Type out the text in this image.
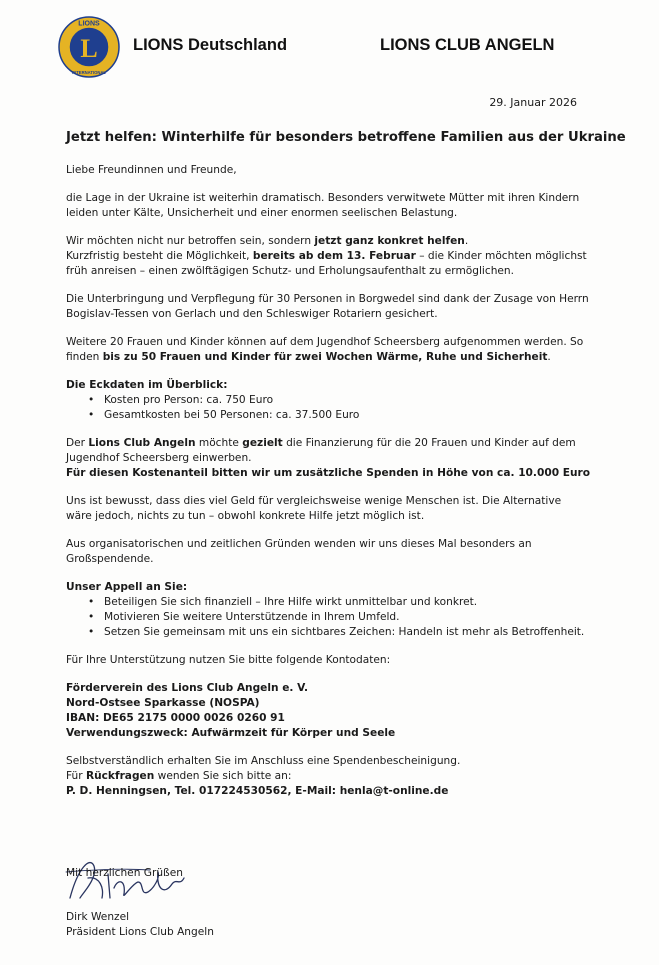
L
LIONS
INTERNATIONAL
LIONS Deutschland	LIONS CLUB ANGELN
29. Januar 2026
Jetzt helfen: Winterhilfe für besonders betroffene Familien aus der Ukraine

Liebe Freundinnen und Freunde,

die Lage in der Ukraine ist weiterhin dramatisch. Besonders verwitwete Mütter mit ihren Kindern
leiden unter Kälte, Unsicherheit und einer enormen seelischen Belastung.

Wir möchten nicht nur betroffen sein, sondern jetzt ganz konkret helfen.
Kurzfristig besteht die Möglichkeit, bereits ab dem 13. Februar – die Kinder möchten möglichst
früh anreisen – einen zwölftägigen Schutz- und Erholungsaufenthalt zu ermöglichen.

Die Unterbringung und Verpflegung für 30 Personen in Borgwedel sind dank der Zusage von Herrn
Bogislav-Tessen von Gerlach und den Schleswiger Rotariern gesichert.

Weitere 20 Frauen und Kinder können auf dem Jugendhof Scheersberg aufgenommen werden. So
finden bis zu 50 Frauen und Kinder für zwei Wochen Wärme, Ruhe und Sicherheit.

Die Eckdaten im Überblick:

• Kosten pro Person: ca. 750 Euro
• Gesamtkosten bei 50 Personen: ca. 37.500 Euro

Der Lions Club Angeln möchte gezielt die Finanzierung für die 20 Frauen und Kinder auf dem
Jugendhof Scheersberg einwerben.
Für diesen Kostenanteil bitten wir um zusätzliche Spenden in Höhe von ca. 10.000 Euro

Uns ist bewusst, dass dies viel Geld für vergleichsweise wenige Menschen ist. Die Alternative
wäre jedoch, nichts zu tun – obwohl konkrete Hilfe jetzt möglich ist.

Aus organisatorischen und zeitlichen Gründen wenden wir uns dieses Mal besonders an
Großspendende.

Unser Appell an Sie:

• Beteiligen Sie sich finanziell – Ihre Hilfe wirkt unmittelbar und konkret.
• Motivieren Sie weitere Unterstützende in Ihrem Umfeld.
• Setzen Sie gemeinsam mit uns ein sichtbares Zeichen: Handeln ist mehr als Betroffenheit.

Für Ihre Unterstützung nutzen Sie bitte folgende Kontodaten:

Förderverein des Lions Club Angeln e. V.
Nord-Ostsee Sparkasse (NOSPA)
IBAN: DE65 2175 0000 0026 0260 91
Verwendungszweck: Aufwärmzeit für Körper und Seele

Selbstverständlich erhalten Sie im Anschluss eine Spendenbescheinigung.
Für Rückfragen wenden Sie sich bitte an:
P. D. Henningsen, Tel. 017224530562, E-Mail: henla@t-online.de

Mit herzlichen Grüßen
Dirk Wenzel
Präsident Lions Club Angeln
